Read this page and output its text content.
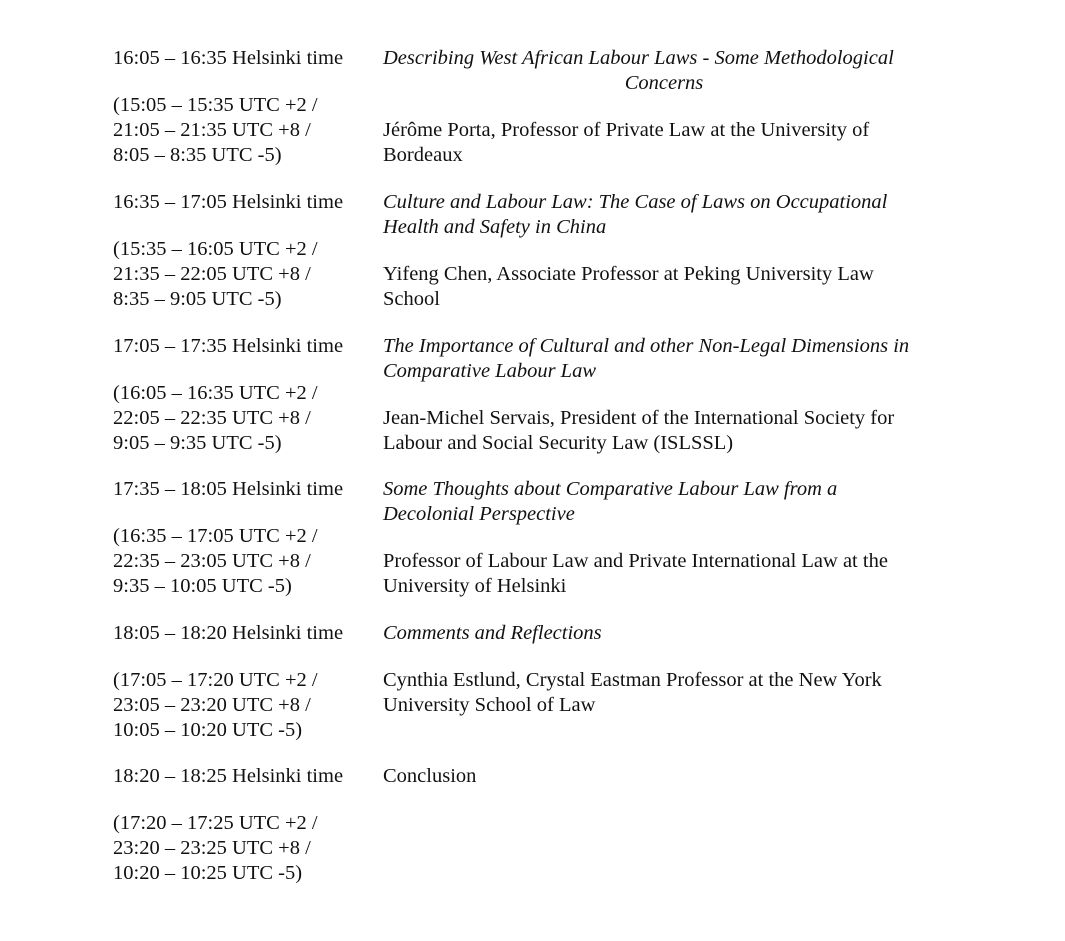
16:05 – 16:35 Helsinki time Describing West African Labour Laws - Some Methodological
Concerns
(15:05 – 15:35 UTC +2 /
21:05 – 21:35 UTC +8 /
8:05 – 8:35 UTC -5)
Jérôme Porta, Professor of Private Law at the University of
Bordeaux
16:35 – 17:05 Helsinki time Culture and Labour Law: The Case of Laws on Occupational
Health and Safety in China
(15:35 – 16:05 UTC +2 /
21:35 – 22:05 UTC +8 /
8:35 – 9:05 UTC -5)
Yifeng Chen, Associate Professor at Peking University Law
School
17:05 – 17:35 Helsinki time The Importance of Cultural and other Non-Legal Dimensions in
Comparative Labour Law
(16:05 – 16:35 UTC +2 /
22:05 – 22:35 UTC +8 /
9:05 – 9:35 UTC -5)
Jean-Michel Servais, President of the International Society for
Labour and Social Security Law (ISLSSL)
17:35 – 18:05 Helsinki time Some Thoughts about Comparative Labour Law from a
Decolonial Perspective
(16:35 – 17:05 UTC +2 /
22:35 – 23:05 UTC +8 /
9:35 – 10:05 UTC -5)
Professor of Labour Law and Private International Law at the
University of Helsinki
18:05 – 18:20 Helsinki time Comments and Reflections
(17:05 – 17:20 UTC +2 /
23:05 – 23:20 UTC +8 /
10:05 – 10:20 UTC -5)
Cynthia Estlund, Crystal Eastman Professor at the New York
University School of Law
18:20 – 18:25 Helsinki time Conclusion
(17:20 – 17:25 UTC +2 /
23:20 – 23:25 UTC +8 /
10:20 – 10:25 UTC -5)
